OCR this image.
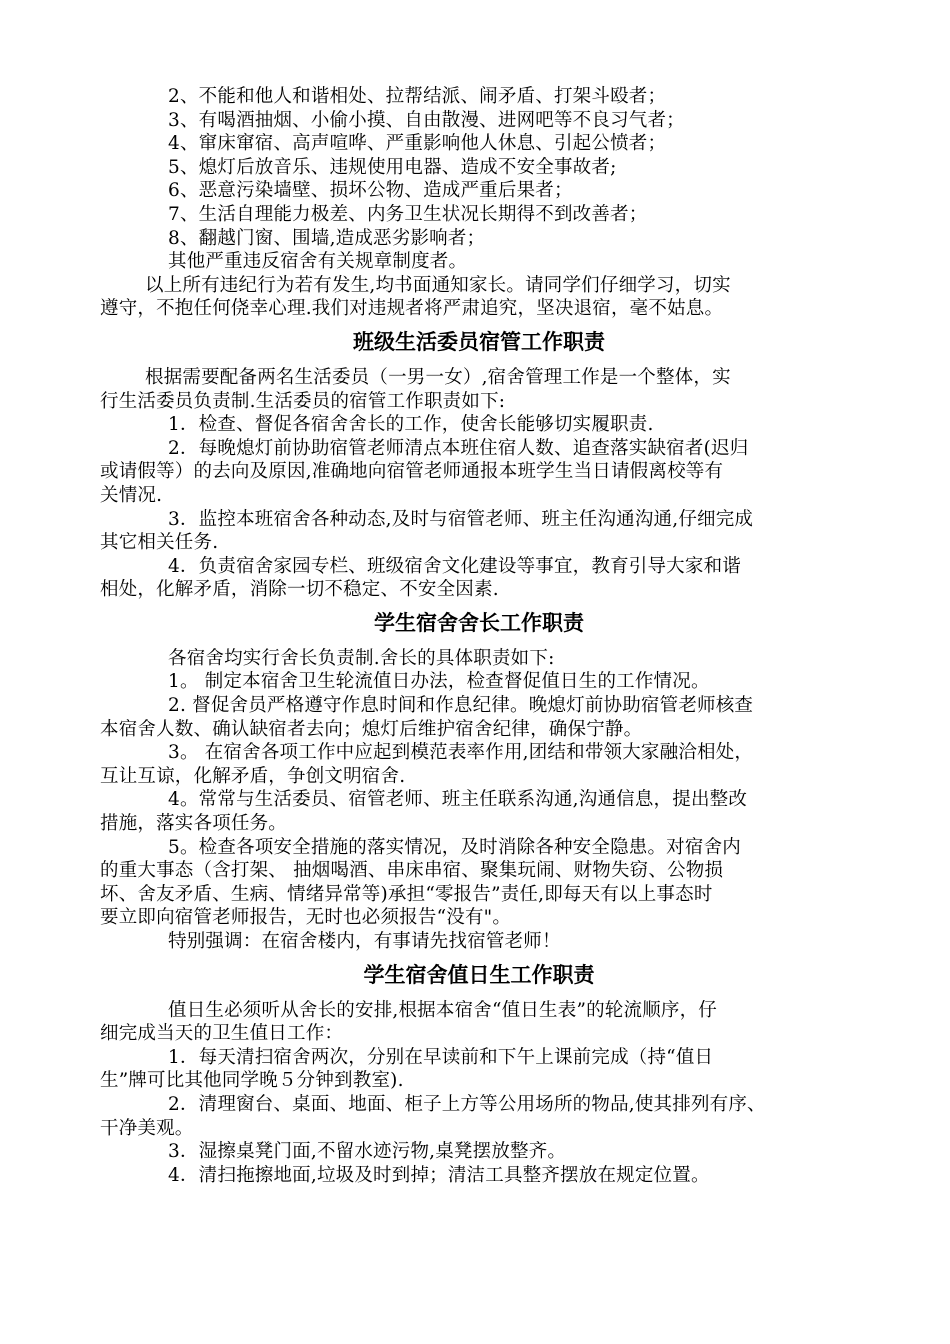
2、不能和他人和谐相处、拉帮结派、闹矛盾、打架斗殴者；
3、有喝酒抽烟、小偷小摸、自由散漫、进网吧等不良习气者；
4、窜床窜宿、高声喧哗、严重影响他人休息、引起公愤者；
5、熄灯后放音乐、违规使用电器、造成不安全事故者;
6、恶意污染墙壁、损坏公物、造成严重后果者；
7、生活自理能力极差、内务卫生状况长期得不到改善者；
8、翻越门窗、围墙,造成恶劣影响者；
其他严重违反宿舍有关规章制度者。
以上所有违纪行为若有发生,均书面通知家长。请同学们仔细学习，切实
遵守，不抱任何侥幸心理.我们对违规者将严肃追究，坚决退宿，毫不姑息。
班级生活委员宿管工作职责
根据需要配备两名生活委员（一男一女）,宿舍管理工作是一个整体，实
行生活委员负责制.生活委员的宿管工作职责如下:
1．检查、督促各宿舍舍长的工作，使舍长能够切实履职责.
2．每晚熄灯前协助宿管老师清点本班住宿人数、追查落实缺宿者(迟归
或请假等）的去向及原因,准确地向宿管老师通报本班学生当日请假离校等有
关情况.
3．监控本班宿舍各种动态,及时与宿管老师、班主任沟通沟通,仔细完成
其它相关任务.
4．负责宿舍家园专栏、班级宿舍文化建设等事宜，教育引导大家和谐
相处，化解矛盾，消除一切不稳定、不安全因素.
学生宿舍舍长工作职责
各宿舍均实行舍长负责制.舍长的具体职责如下:
1。 制定本宿舍卫生轮流值日办法，检查督促值日生的工作情况。
2. 督促舍员严格遵守作息时间和作息纪律。晚熄灯前协助宿管老师核查
本宿舍人数、确认缺宿者去向；熄灯后维护宿舍纪律，确保宁静。
3。 在宿舍各项工作中应起到模范表率作用,团结和带领大家融洽相处，
互让互谅，化解矛盾，争创文明宿舍.
4。常常与生活委员、宿管老师、班主任联系沟通,沟通信息，提出整改
措施，落实各项任务。
5。检查各项安全措施的落实情况，及时消除各种安全隐患。对宿舍内
的重大事态（含打架、 抽烟喝酒、串床串宿、聚集玩闹、财物失窃、公物损
坏、舍友矛盾、生病、情绪异常等)承担“零报告”责任,即每天有以上事态时
要立即向宿管老师报告，无时也必须报告“没有"。
特别强调：在宿舍楼内，有事请先找宿管老师！
学生宿舍值日生工作职责
值日生必须听从舍长的安排,根据本宿舍“值日生表”的轮流顺序，仔
细完成当天的卫生值日工作：
1．每天清扫宿舍两次，分别在早读前和下午上课前完成（持“值日
生”牌可比其他同学晚５分钟到教室).
2．清理窗台、桌面、地面、柜子上方等公用场所的物品,使其排列有序、
干净美观。
3．湿擦桌凳门面,不留水迹污物,桌凳摆放整齐。
4．清扫拖擦地面,垃圾及时到掉；清洁工具整齐摆放在规定位置。
